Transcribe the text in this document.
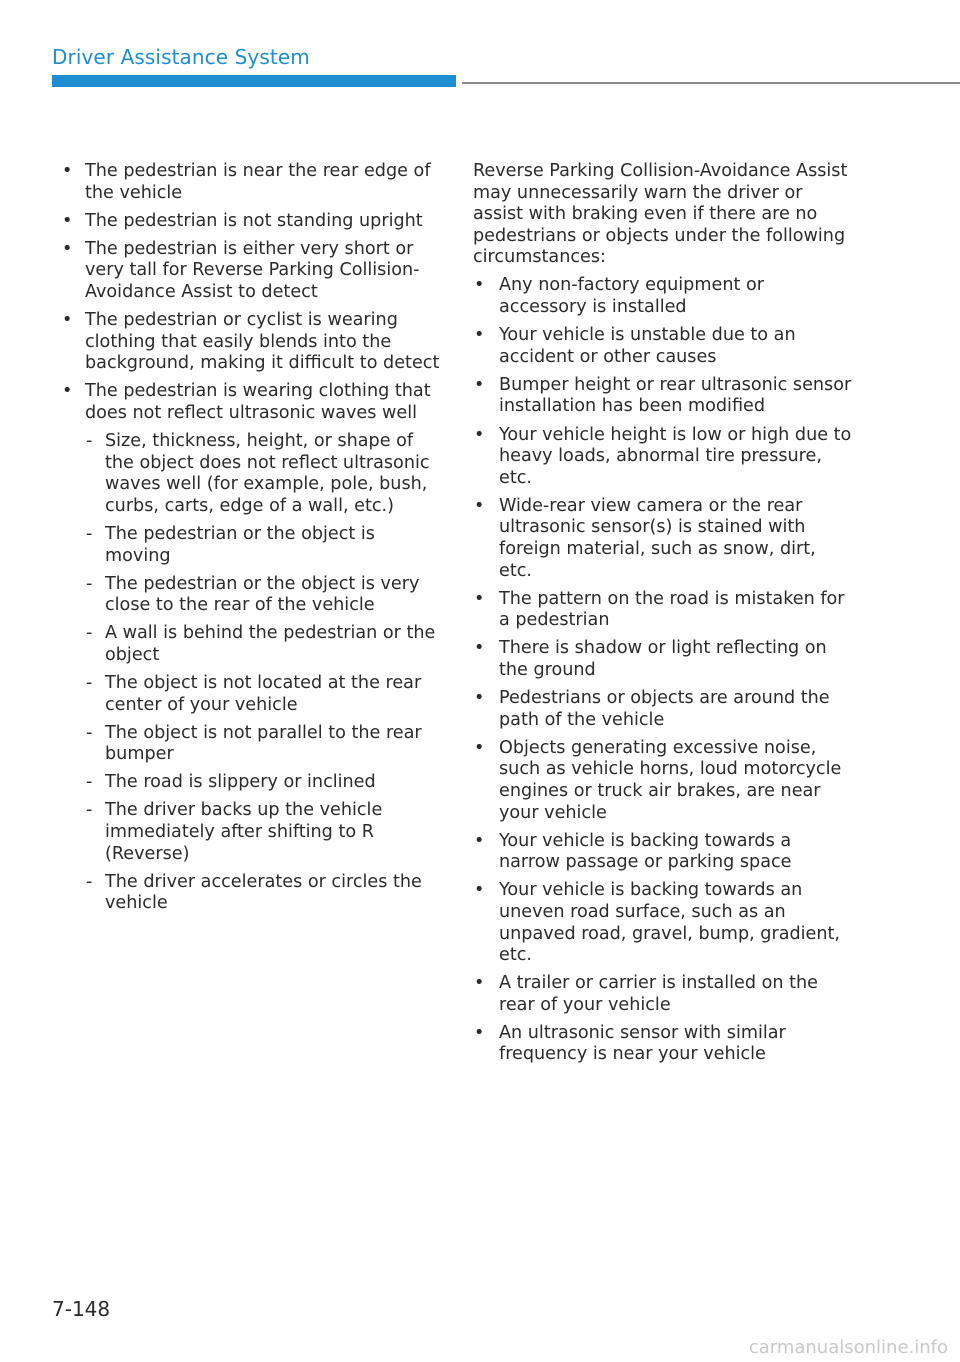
Driver Assistance System
• The pedestrian is near the rear edge of the vehicle
• The pedestrian is not standing upright
• The pedestrian is either very short or very tall for Reverse Parking Collision-Avoidance Assist to detect
• The pedestrian or cyclist is wearing clothing that easily blends into the background, making it difficult to detect
• The pedestrian is wearing clothing that does not reflect ultrasonic waves well
- Size, thickness, height, or shape of the object does not reflect ultrasonic waves well (for example, pole, bush, curbs, carts, edge of a wall, etc.)
- The pedestrian or the object is moving
- The pedestrian or the object is very close to the rear of the vehicle
- A wall is behind the pedestrian or the object
- The object is not located at the rear center of your vehicle
- The object is not parallel to the rear bumper
- The road is slippery or inclined
- The driver backs up the vehicle immediately after shifting to R (Reverse)
- The driver accelerates or circles the vehicle

Reverse Parking Collision-Avoidance Assist may unnecessarily warn the driver or assist with braking even if there are no pedestrians or objects under the following circumstances:

• Any non-factory equipment or accessory is installed
• Your vehicle is unstable due to an accident or other causes
• Bumper height or rear ultrasonic sensor installation has been modified
• Your vehicle height is low or high due to heavy loads, abnormal tire pressure, etc.
• Wide-rear view camera or the rear ultrasonic sensor(s) is stained with foreign material, such as snow, dirt, etc.
• The pattern on the road is mistaken for a pedestrian
• There is shadow or light reflecting on the ground
• Pedestrians or objects are around the path of the vehicle
• Objects generating excessive noise, such as vehicle horns, loud motorcycle engines or truck air brakes, are near your vehicle
• Your vehicle is backing towards a narrow passage or parking space
• Your vehicle is backing towards an uneven road surface, such as an unpaved road, gravel, bump, gradient, etc.
• A trailer or carrier is installed on the rear of your vehicle
• An ultrasonic sensor with similar frequency is near your vehicle
7-148
carmanualsonline.info
